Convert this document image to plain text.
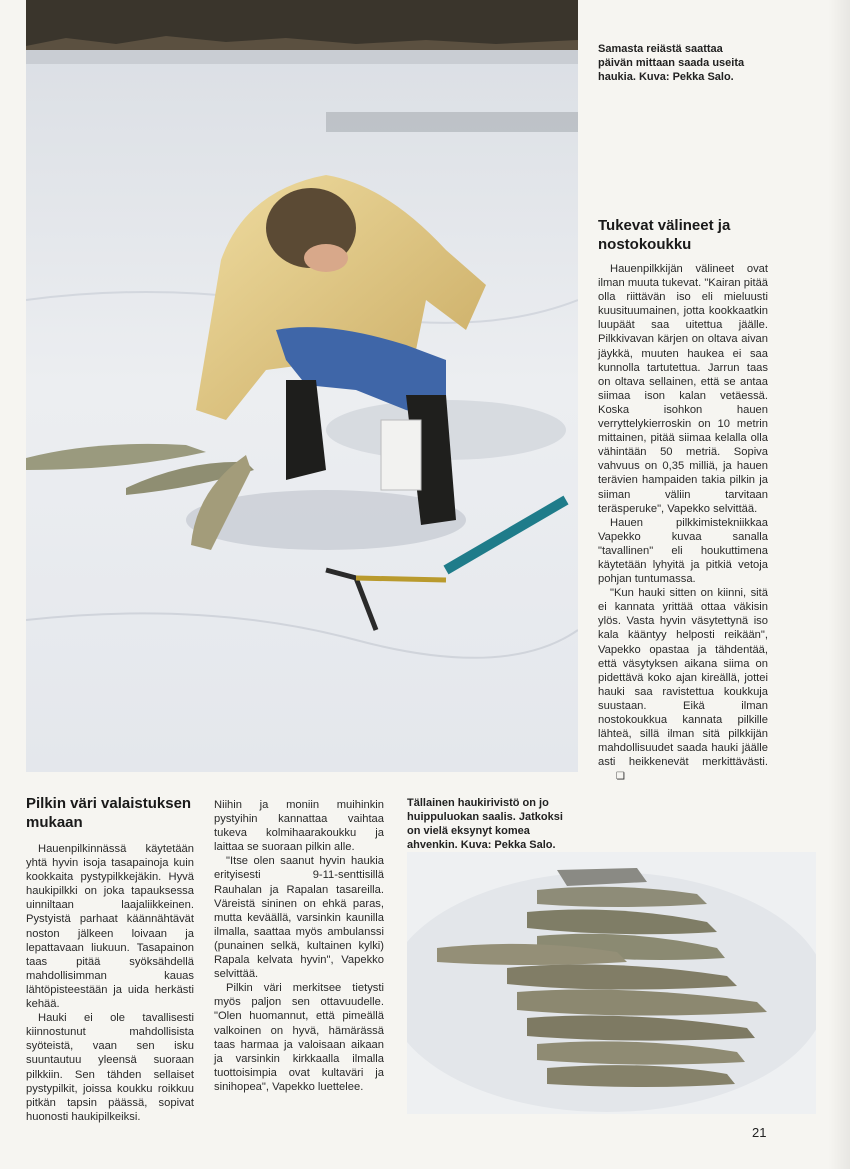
Samasta reiästä saattaa päivän mittaan saada useita haukia. Kuva: Pekka Salo.
Tukevat välineet ja nostokoukku

Hauenpilkkijän välineet ovat ilman muuta tukevat. "Kairan pitää olla riittävän iso eli mieluusti kuusituumainen, jotta kookkaatkin luupäät saa uitettua jäälle. Pilkkivavan kärjen on oltava aivan jäykkä, muuten haukea ei saa kunnolla tartutettua. Jarrun taas on oltava sellainen, että se antaa siimaa ison kalan vetäessä. Koska isohkon hauen verryttelykierroskin on 10 metrin mittainen, pitää siimaa kelalla olla vähintään 50 metriä. Sopiva vahvuus on 0,35 milliä, ja hauen terävien hampaiden takia pilkin ja siiman väliin tarvitaan teräsperuke", Vapekko selvittää.

Hauen pilkkimistekniikkaa Vapekko kuvaa sanalla "tavallinen" eli houkuttimena käytetään lyhyitä ja pitkiä vetoja pohjan tuntumassa.

"Kun hauki sitten on kiinni, sitä ei kannata yrittää ottaa väkisin ylös. Vasta hyvin väsytettynä iso kala kääntyy helposti reikään", Vapekko opastaa ja tähdentää, että väsytyksen aikana siima on pidettävä koko ajan kireällä, jottei hauki saa ravistettua koukkuja suustaan. Eikä ilman nostokoukkua kannata pilkille lähteä, sillä ilman sitä pilkkijän mahdollisuudet saada hauki jäälle asti heikkenevät merkittävästi.❏

Pilkin väri valaistuksen mukaan

Hauenpilkinnässä käytetään yhtä hyvin isoja tasapainoja kuin kookkaita pystypilkkejäkin. Hyvä haukipilkki on joka tapauksessa uinniltaan laajaliikkeinen. Pystyistä parhaat käännähtävät noston jälkeen loivaan ja lepattavaan liukuun. Tasapainon taas pitää syöksähdellä mahdollisimman kauas lähtöpisteestään ja uida herkästi kehää.

Hauki ei ole tavallisesti kiinnostunut mahdollisista syöteistä, vaan sen isku suuntautuu yleensä suoraan pilkkiin. Sen tähden sellaiset pystypilkit, joissa koukku roikkuu pitkän tapsin päässä, sopivat huonosti haukipilkeiksi.

Niihin ja moniin muihinkin pystyihin kannattaa vaihtaa tukeva kolmihaarakoukku ja laittaa se suoraan pilkin alle.

"Itse olen saanut hyvin haukia erityisesti 9-11-senttisillä Rauhalan ja Rapalan tasareilla. Väreistä sininen on ehkä paras, mutta keväällä, varsinkin kaunilla ilmalla, saattaa myös ambulanssi (punainen selkä, kultainen kylki) Rapala kelvata hyvin", Vapekko selvittää.

Pilkin väri merkitsee tietysti myös paljon sen ottavuudelle. "Olen huomannut, että pimeällä valkoinen on hyvä, hämärässä taas harmaa ja valoisaan aikaan ja varsinkin kirkkaalla ilmalla tuottoisimpia ovat kultaväri ja sinihopea", Vapekko luettelee.

Tällainen haukirivistö on jo huippuluokan saalis. Jatkoksi on vielä eksynyt komea ahvenkin. Kuva: Pekka Salo.
21
